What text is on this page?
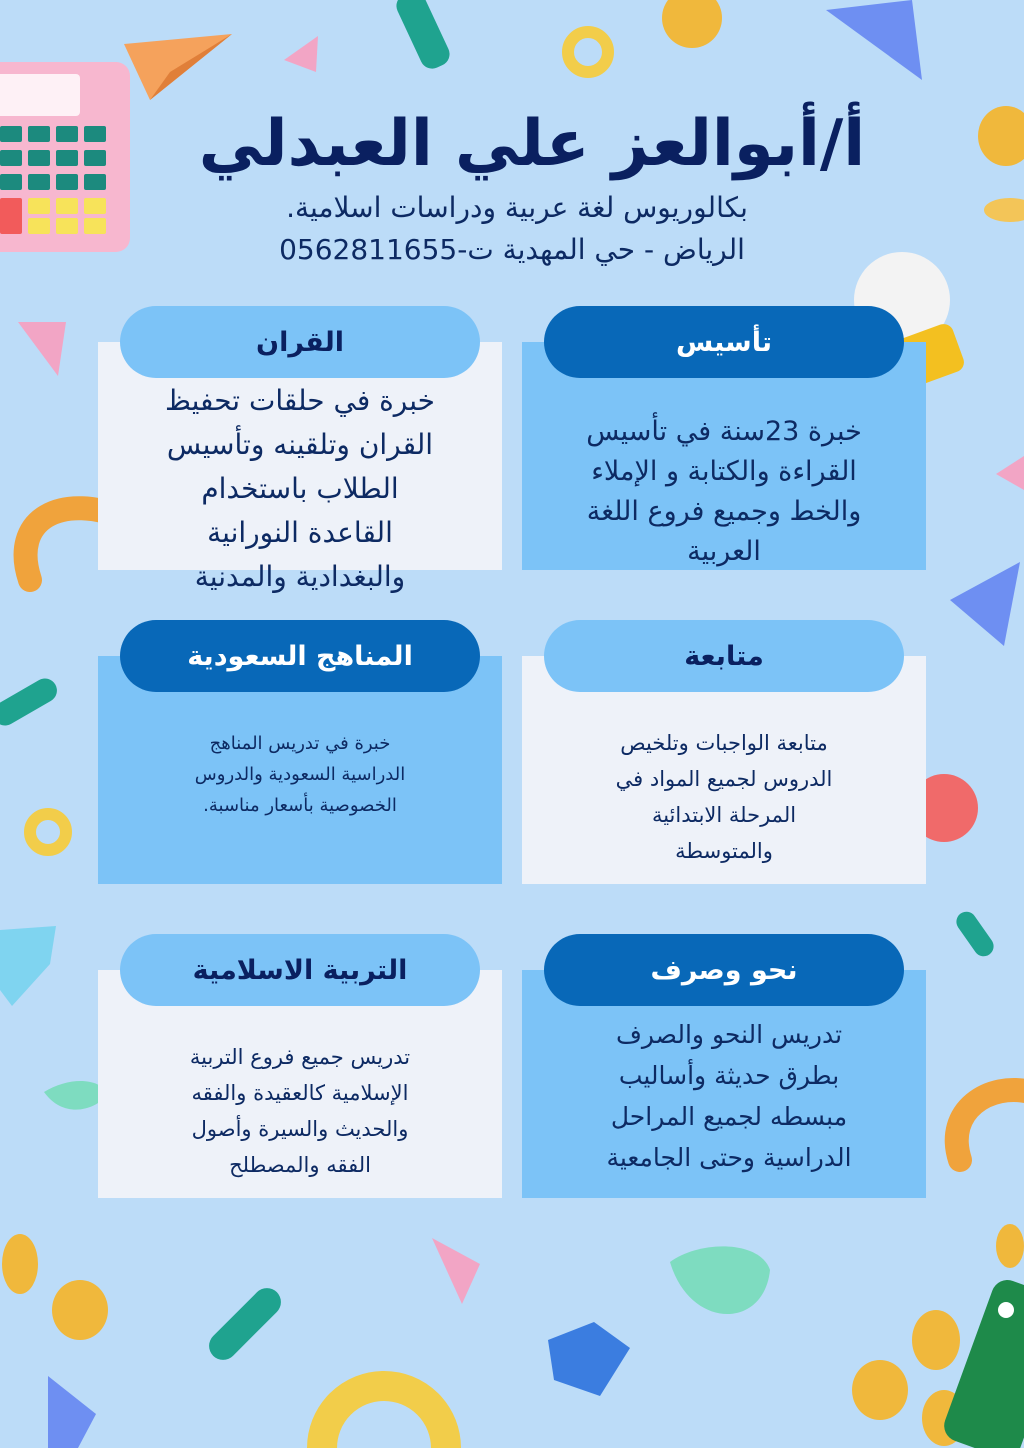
أ/أبوالعز علي العبدلي
بكالوريوس لغة عربية ودراسات اسلامية.
الرياض - حي المهدية ت-0562811655
تأسيس
خبرة 23سنة في تأسيس
القراءة والكتابة و الإملاء
والخط وجميع فروع اللغة
العربية
القران
خبرة في حلقات تحفيظ
القران وتلقينه وتأسيس
الطلاب باستخدام
القاعدة النورانية
والبغدادية والمدنية
متابعة
متابعة الواجبات وتلخيص
الدروس لجميع المواد في
المرحلة الابتدائية
والمتوسطة
المناهج السعودية
خبرة في تدريس المناهج
الدراسية السعودية والدروس
الخصوصية بأسعار مناسبة.
نحو وصرف
تدريس النحو والصرف
بطرق حديثة وأساليب
مبسطه لجميع المراحل
الدراسية وحتى الجامعية
التربية الاسلامية
تدريس جميع فروع التربية
الإسلامية كالعقيدة والفقه
والحديث والسيرة وأصول
الفقه والمصطلح
